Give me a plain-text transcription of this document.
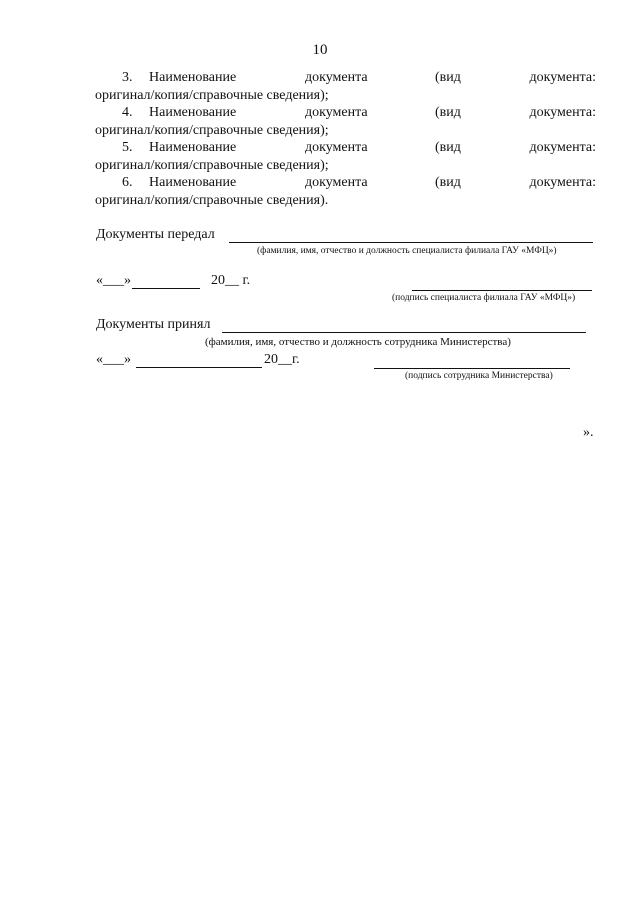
10
3. Наименование	документа	(вид	документа:
оригинал/копия/справочные сведения);
4. Наименование	документа	(вид	документа:
оригинал/копия/справочные сведения);
5. Наименование	документа	(вид	документа:
оригинал/копия/справочные сведения);
6. Наименование	документа	(вид	документа:
оригинал/копия/справочные сведения).
Документы передал
(фамилия, имя, отчество и должность специалиста филиала ГАУ «МФЦ»)
«___»	20__ г.
(подпись специалиста филиала ГАУ «МФЦ»)
Документы принял
(фамилия, имя, отчество и должность сотрудника Министерства)
«___»	20__г.
(подпись сотрудника Министерства)
».
